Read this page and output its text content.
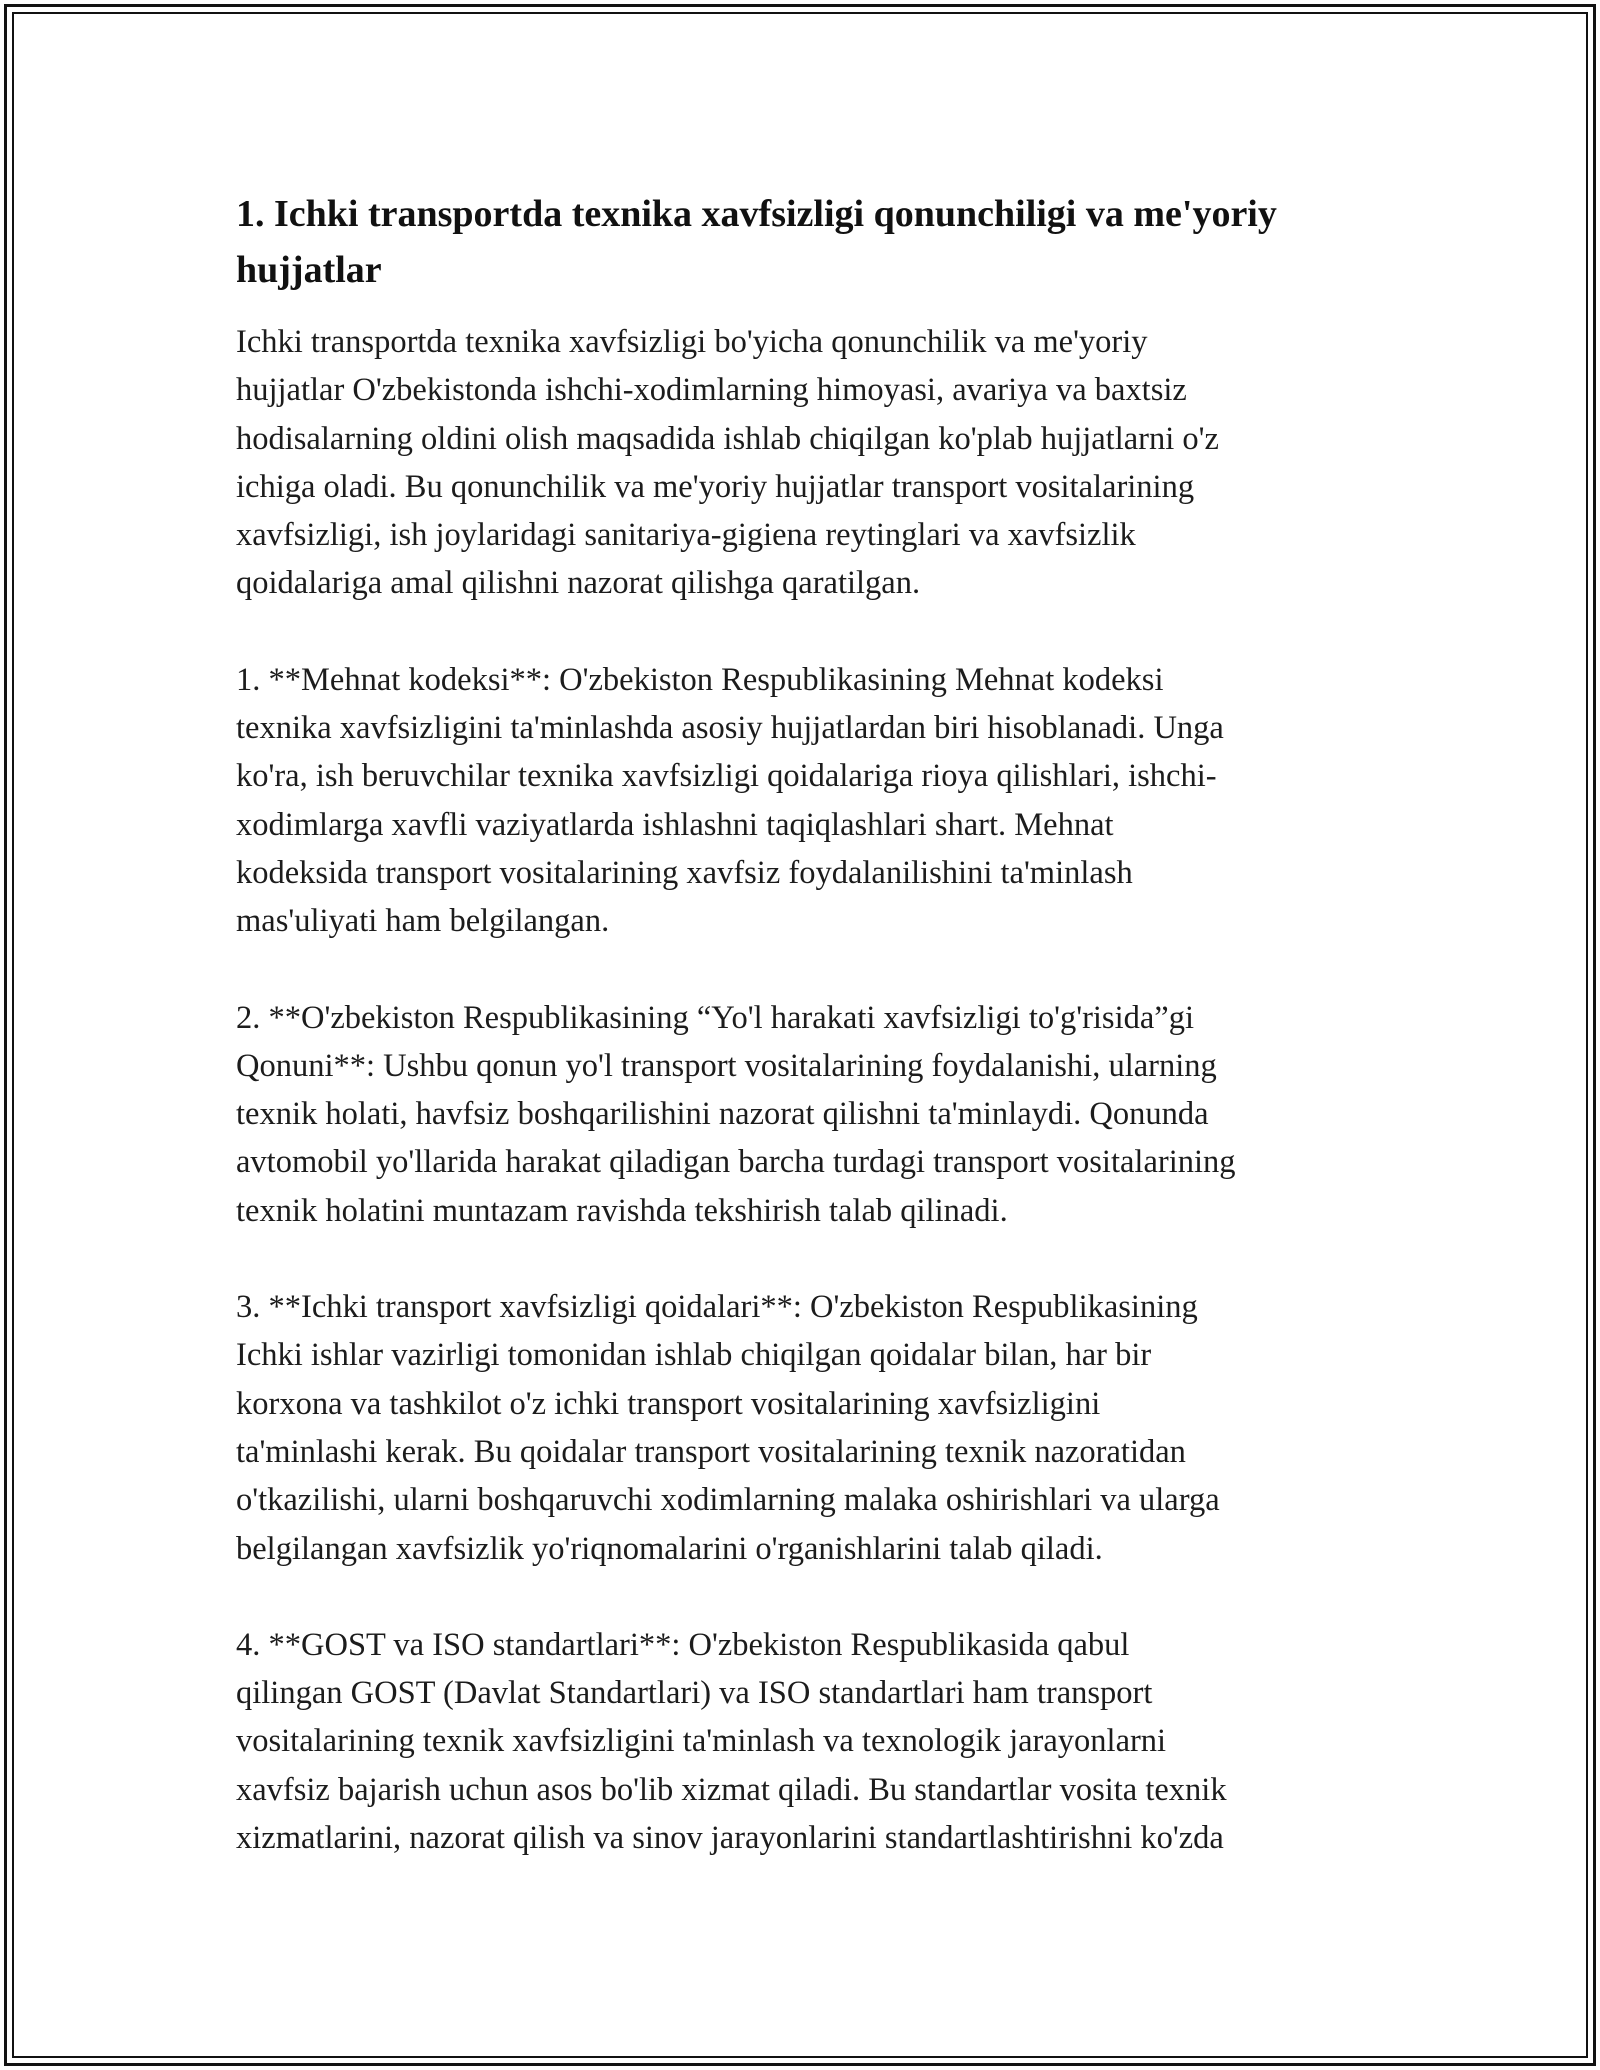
1. Ichki transportda texnika xavfsizligi qonunchiligi va me'yoriy hujjatlar

Ichki transportda texnika xavfsizligi bo'yicha qonunchilik va me'yoriy
hujjatlar O'zbekistonda ishchi-xodimlarning himoyasi, avariya va baxtsiz
hodisalarning oldini olish maqsadida ishlab chiqilgan ko'plab hujjatlarni o'z
ichiga oladi. Bu qonunchilik va me'yoriy hujjatlar transport vositalarining
xavfsizligi, ish joylaridagi sanitariya-gigiena reytinglari va xavfsizlik
qoidalariga amal qilishni nazorat qilishga qaratilgan.

1. **Mehnat kodeksi**: O'zbekiston Respublikasining Mehnat kodeksi
texnika xavfsizligini ta'minlashda asosiy hujjatlardan biri hisoblanadi. Unga
ko'ra, ish beruvchilar texnika xavfsizligi qoidalariga rioya qilishlari, ishchi-
xodimlarga xavfli vaziyatlarda ishlashni taqiqlashlari shart. Mehnat
kodeksida transport vositalarining xavfsiz foydalanilishini ta'minlash
mas'uliyati ham belgilangan.

2. **O'zbekiston Respublikasining “Yo'l harakati xavfsizligi to'g'risida”gi
Qonuni**: Ushbu qonun yo'l transport vositalarining foydalanishi, ularning
texnik holati, havfsiz boshqarilishini nazorat qilishni ta'minlaydi. Qonunda
avtomobil yo'llarida harakat qiladigan barcha turdagi transport vositalarining
texnik holatini muntazam ravishda tekshirish talab qilinadi.

3. **Ichki transport xavfsizligi qoidalari**: O'zbekiston Respublikasining
Ichki ishlar vazirligi tomonidan ishlab chiqilgan qoidalar bilan, har bir
korxona va tashkilot o'z ichki transport vositalarining xavfsizligini
ta'minlashi kerak. Bu qoidalar transport vositalarining texnik nazoratidan
o'tkazilishi, ularni boshqaruvchi xodimlarning malaka oshirishlari va ularga
belgilangan xavfsizlik yo'riqnomalarini o'rganishlarini talab qiladi.

4. **GOST va ISO standartlari**: O'zbekiston Respublikasida qabul
qilingan GOST (Davlat Standartlari) va ISO standartlari ham transport
vositalarining texnik xavfsizligini ta'minlash va texnologik jarayonlarni
xavfsiz bajarish uchun asos bo'lib xizmat qiladi. Bu standartlar vosita texnik
xizmatlarini, nazorat qilish va sinov jarayonlarini standartlashtirishni ko'zda
